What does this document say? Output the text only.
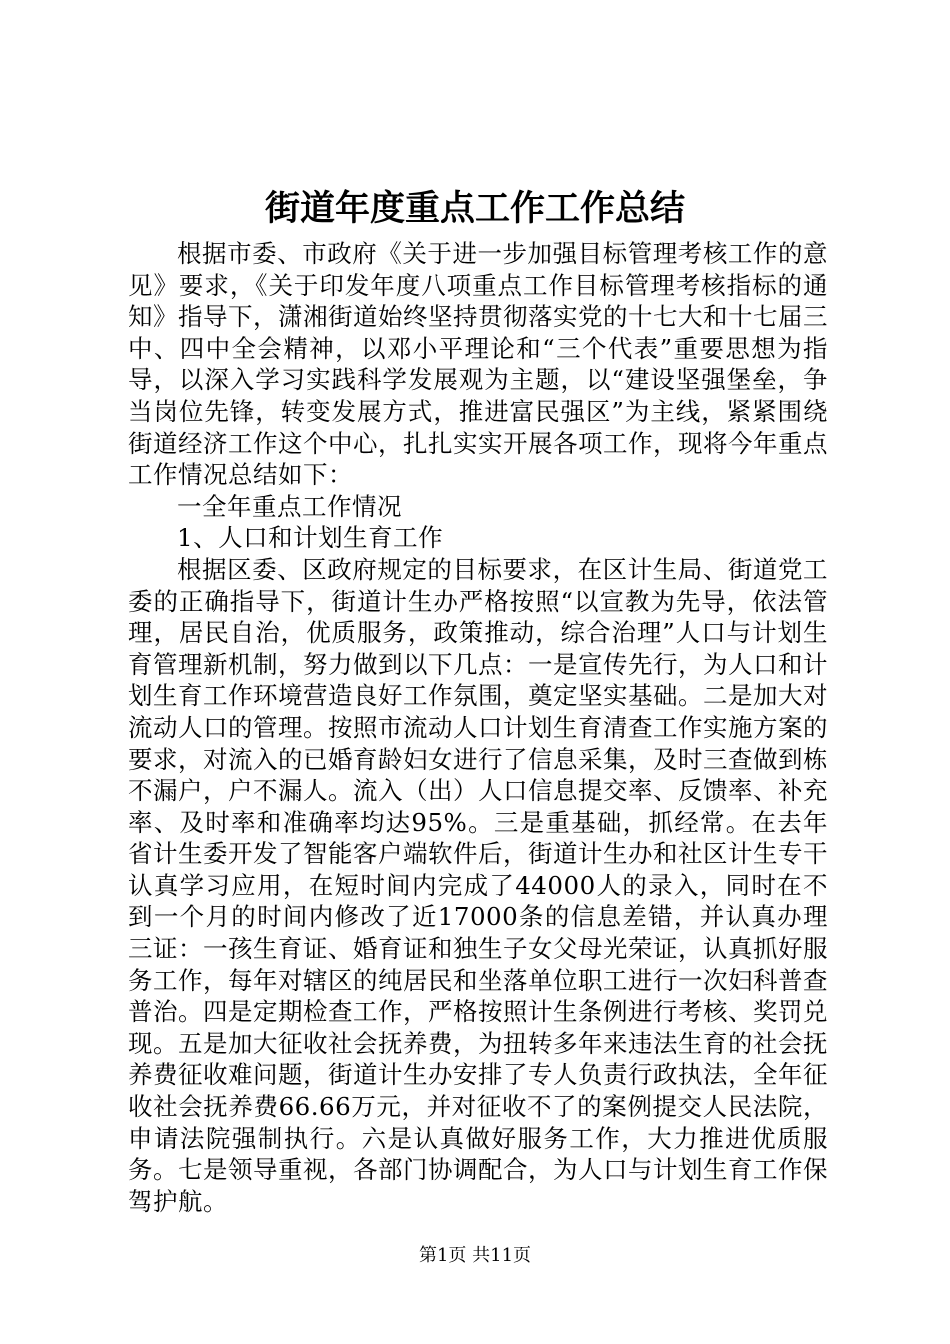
街道年度重点工作工作总结

根据市委、市政府《关于进一步加强目标管理考核工作的意见》要求，《关于印发年度八项重点工作目标管理考核指标的通知》指导下，潇湘街道始终坚持贯彻落实党的十七大和十七届三中、四中全会精神，以邓小平理论和“三个代表”重要思想为指导，以深入学习实践科学发展观为主题，以“建设坚强堡垒，争当岗位先锋，转变发展方式，推进富民强区”为主线，紧紧围绕街道经济工作这个中心，扎扎实实开展各项工作，现将今年重点工作情况总结如下：

一全年重点工作情况

1、人口和计划生育工作

根据区委、区政府规定的目标要求，在区计生局、街道党工委的正确指导下，街道计生办严格按照“以宣教为先导，依法管理，居民自治，优质服务，政策推动，综合治理”人口与计划生育管理新机制，努力做到以下几点：一是宣传先行，为人口和计划生育工作环境营造良好工作氛围，奠定坚实基础。二是加大对流动人口的管理。按照市流动人口计划生育清查工作实施方案的要求，对流入的已婚育龄妇女进行了信息采集，及时三查做到栋不漏户，户不漏人。流入（出）人口信息提交率、反馈率、补充率、及时率和准确率均达95%。三是重基础，抓经常。在去年省计生委开发了智能客户端软件后，街道计生办和社区计生专干认真学习应用，在短时间内完成了44000人的录入，同时在不到一个月的时间内修改了近17000条的信息差错，并认真办理三证：一孩生育证、婚育证和独生子女父母光荣证，认真抓好服务工作，每年对辖区的纯居民和坐落单位职工进行一次妇科普查普治。四是定期检查工作，严格按照计生条例进行考核、奖罚兑现。五是加大征收社会抚养费，为扭转多年来违法生育的社会抚养费征收难问题，街道计生办安排了专人负责行政执法，全年征收社会抚养费66.66万元，并对征收不了的案例提交人民法院，申请法院强制执行。六是认真做好服务工作，大力推进优质服务。七是领导重视，各部门协调配合，为人口与计划生育工作保驾护航。

第1页 共11页
